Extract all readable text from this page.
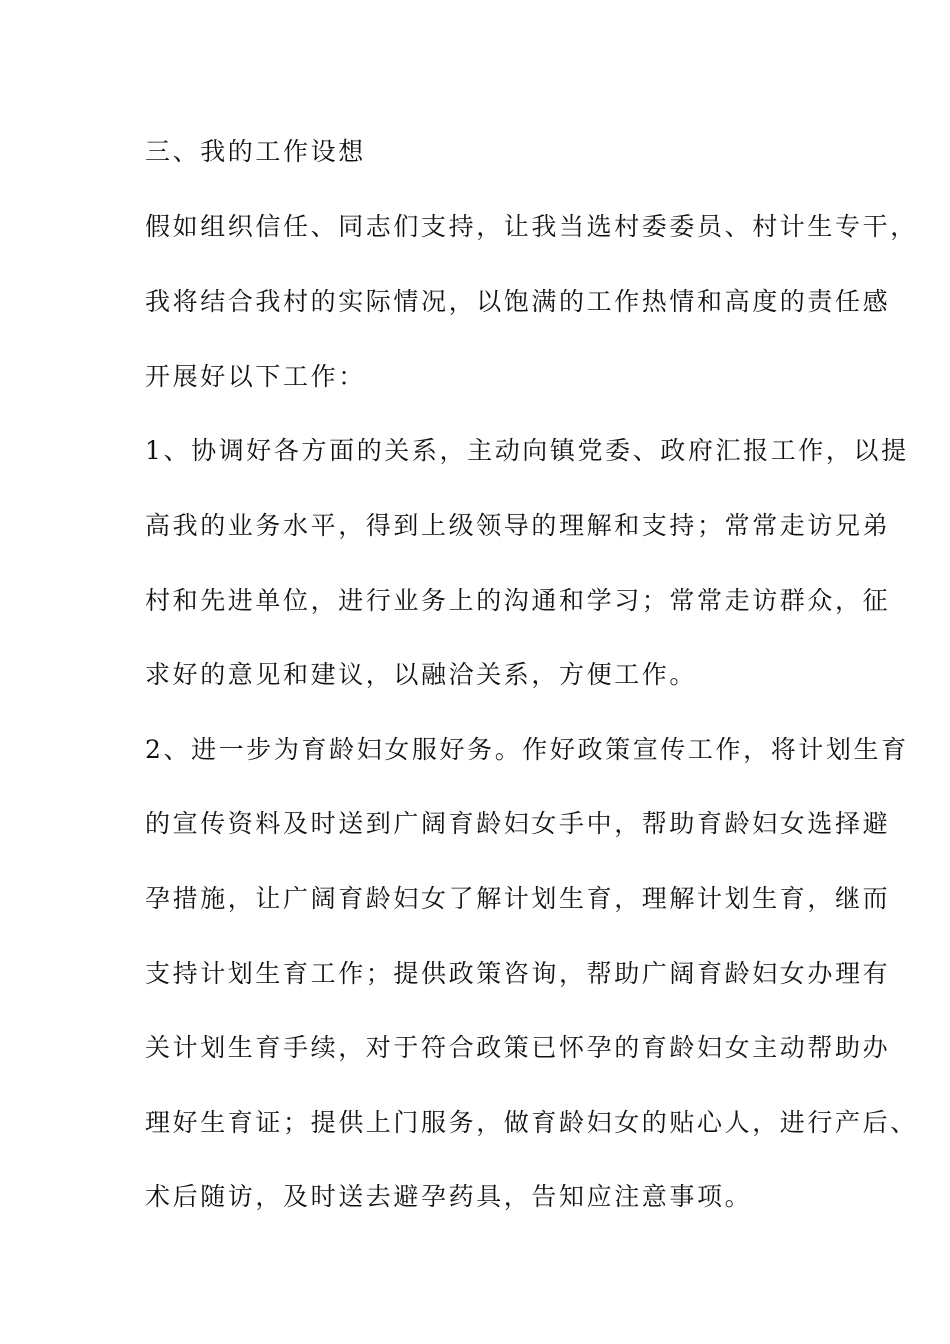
三、我的工作设想

假如组织信任、同志们支持，让我当选村委委员、村计生专干，

我将结合我村的实际情况，以饱满的工作热情和高度的责任感

开展好以下工作：

1、协调好各方面的关系，主动向镇党委、政府汇报工作，以提

高我的业务水平，得到上级领导的理解和支持；常常走访兄弟

村和先进单位，进行业务上的沟通和学习；常常走访群众，征

求好的意见和建议，以融洽关系，方便工作。

2、进一步为育龄妇女服好务。作好政策宣传工作，将计划生育

的宣传资料及时送到广阔育龄妇女手中，帮助育龄妇女选择避

孕措施，让广阔育龄妇女了解计划生育，理解计划生育，继而

支持计划生育工作；提供政策咨询，帮助广阔育龄妇女办理有

关计划生育手续，对于符合政策已怀孕的育龄妇女主动帮助办

理好生育证；提供上门服务，做育龄妇女的贴心人，进行产后、

术后随访，及时送去避孕药具，告知应注意事项。
